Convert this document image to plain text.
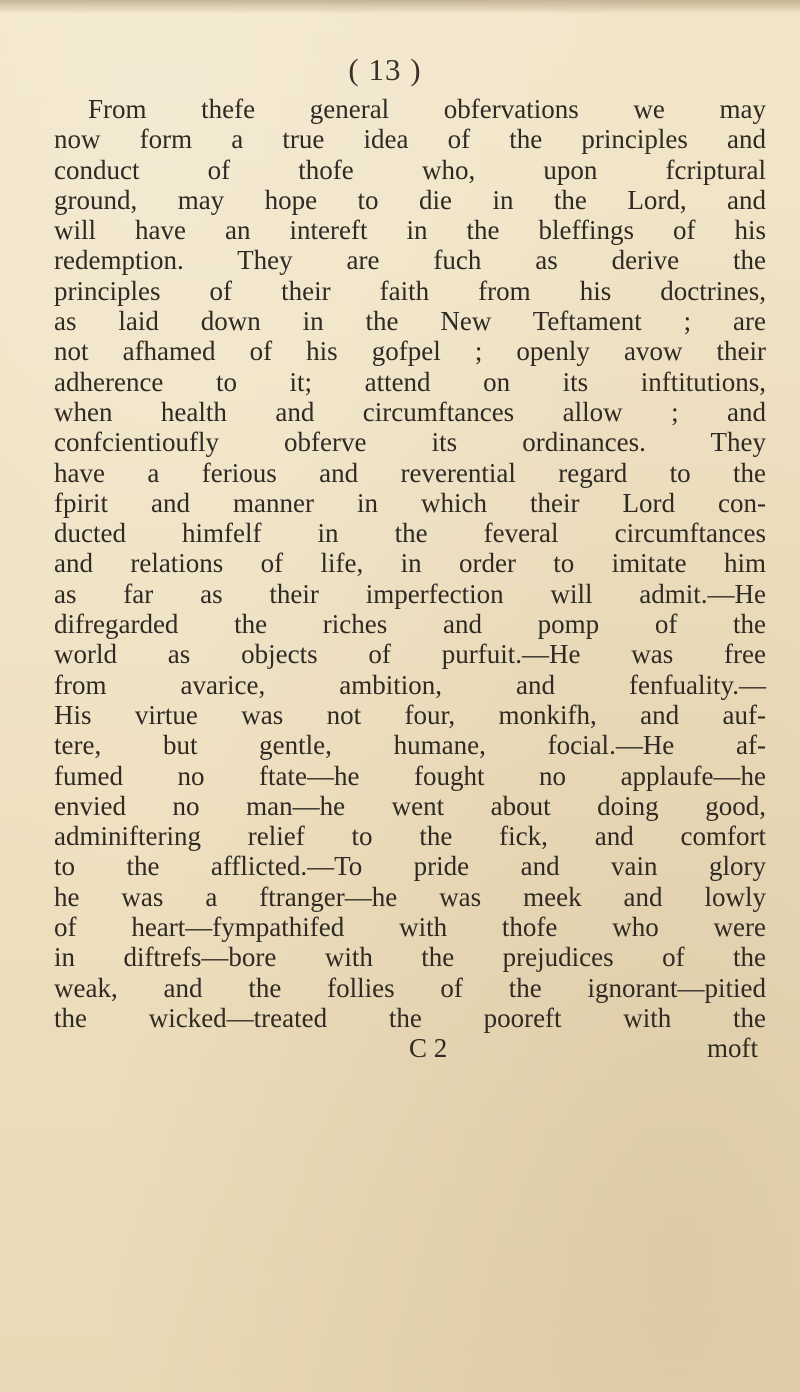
( 13 )
From thefe general obfervations we may
now form a true idea of the principles and
conduct of thofe who, upon fcriptural
ground, may hope to die in the Lord, and
will have an intereft in the bleffings of his
redemption. They are fuch as derive the
principles of their faith from his doctrines,
as laid down in the New Teftament ; are
not afhamed of his gofpel ; openly avow their
adherence to it; attend on its inftitutions,
when health and circumftances allow ; and
confcientioufly obferve its ordinances. They
have a ferious and reverential regard to the
fpirit and manner in which their Lord con-
ducted himfelf in the feveral circumftances
and relations of life, in order to imitate him
as far as their imperfection will admit.—He
difregarded the riches and pomp of the
world as objects of purfuit.—He was free
from avarice, ambition, and fenfuality.—
His virtue was not four, monkifh, and auf-
tere, but gentle, humane, focial.—He af-
fumed no ftate—he fought no applaufe—he
envied no man—he went about doing good,
adminiftering relief to the fick, and comfort
to the afflicted.—To pride and vain glory
he was a ftranger—he was meek and lowly
of heart—fympathifed with thofe who were
in diftrefs—bore with the prejudices of the
weak, and the follies of the ignorant—pitied
the wicked—treated the pooreft with the
C 2	moft
